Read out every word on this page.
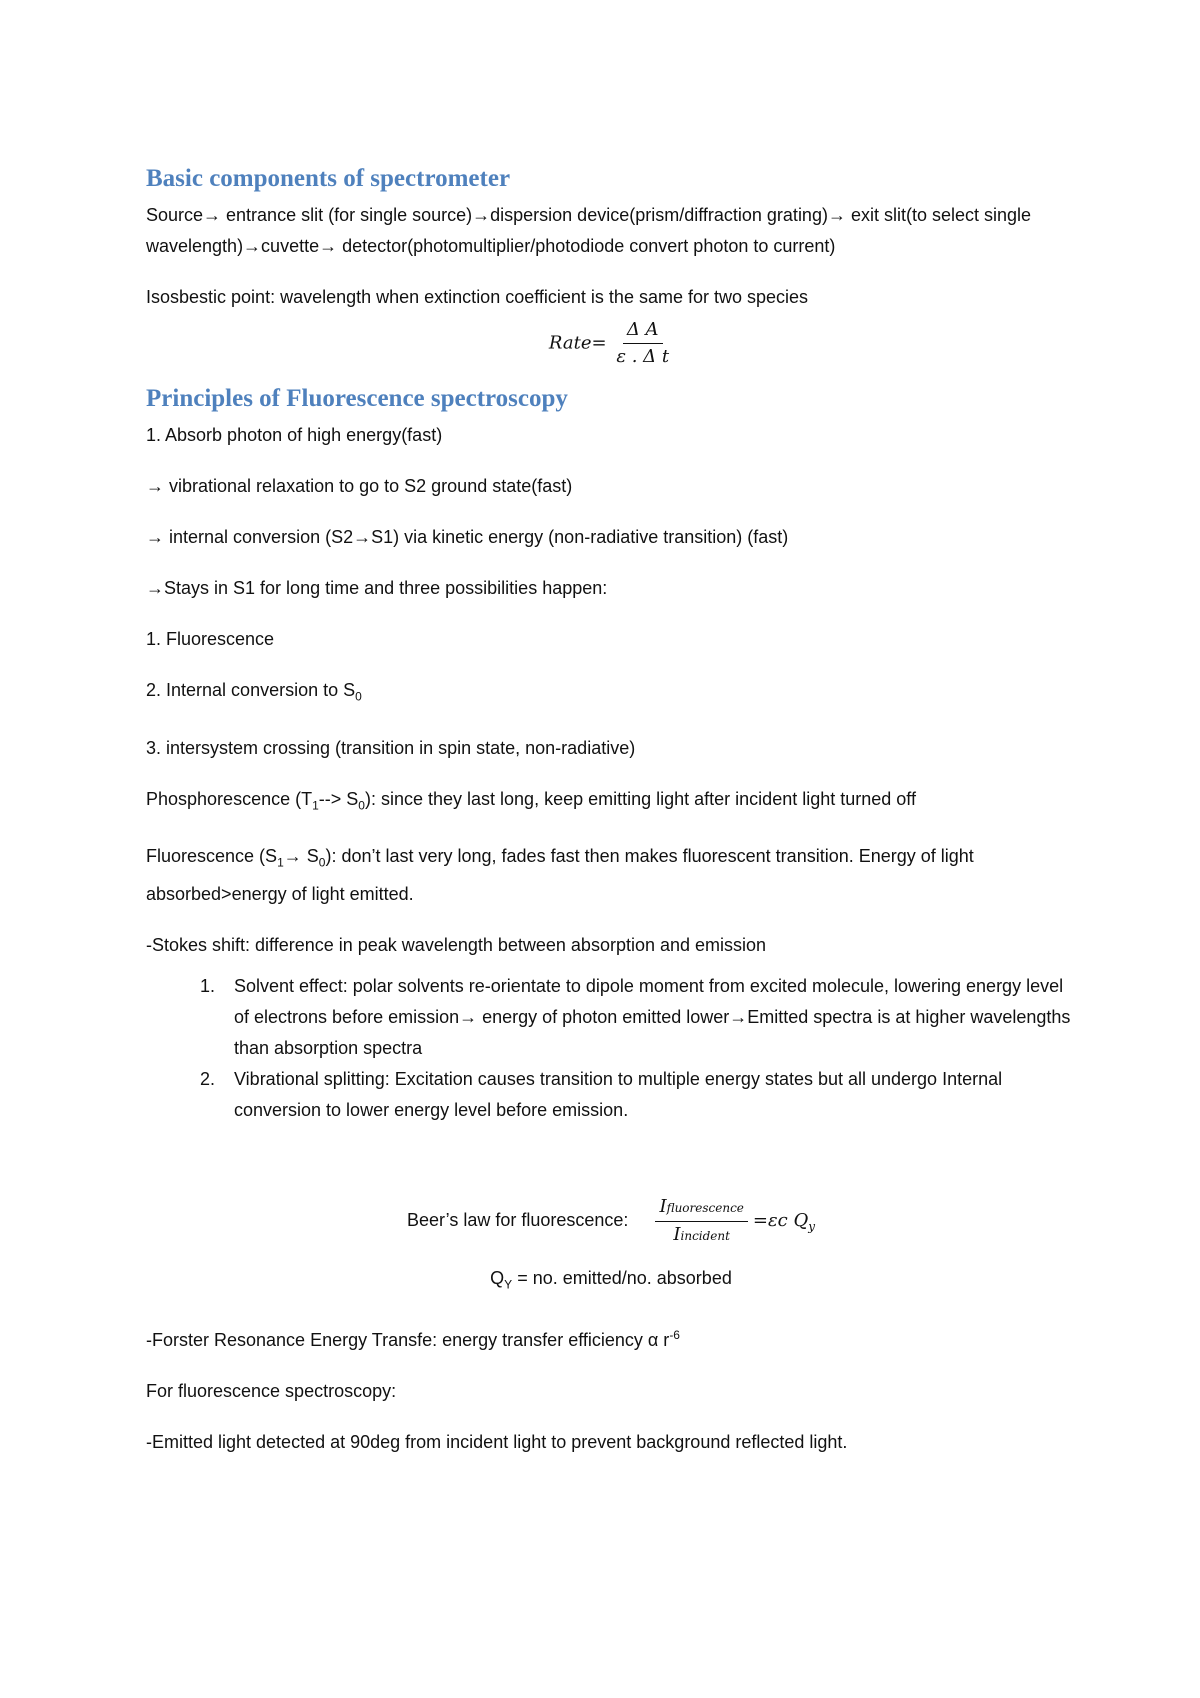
Basic components of spectrometer

Source→ entrance slit (for single source)→dispersion device(prism/diffraction grating)→ exit slit(to select single wavelength)→cuvette→ detector(photomultiplier/photodiode convert photon to current)

Isosbestic point: wavelength when extinction coefficient is the same for two species

Rate= $\frac{\text{Δ A}}{\text{ε . Δ t}}$
Principles of Fluorescence spectroscopy

1. Absorb photon of high energy(fast)

→ vibrational relaxation to go to S2 ground state(fast)

→ internal conversion (S2→S1) via kinetic energy (non-radiative transition) (fast)

→Stays in S1 for long time and three possibilities happen:

1. Fluorescence

2. Internal conversion to $S_0$

3. intersystem crossing (transition in spin state, non-radiative)

Phosphorescence $(T_1--> S_0)$: since they last long, keep emitting light after incident light turned off

Fluorescence $(S_1\to S_0)$: don’t last very long, fades fast then makes fluorescent transition. Energy of light absorbed>energy of light emitted.

-Stokes shift: difference in peak wavelength between absorption and emission

1. Solvent effect: polar solvents re-orientate to dipole moment from excited molecule, lowering energy level of electrons before emission→ energy of photon emitted lower→Emitted spectra is at higher wavelengths than absorption spectra
2. Vibrational splitting: Excitation causes transition to multiple energy states but all undergo Internal conversion to lower energy level before emission.
Beer’s law for fluorescence: $\frac{\text{Ifluorescence}}{\text{Iincident}} =\varepsilon c$ $Q_y$

$Q_Y$ = no. emitted/no. absorbed

-Forster Resonance Energy Transfe: energy transfer efficiency α $r^{-6}$

For fluorescence spectroscopy:

-Emitted light detected at 90deg from incident light to prevent background reflected light.
